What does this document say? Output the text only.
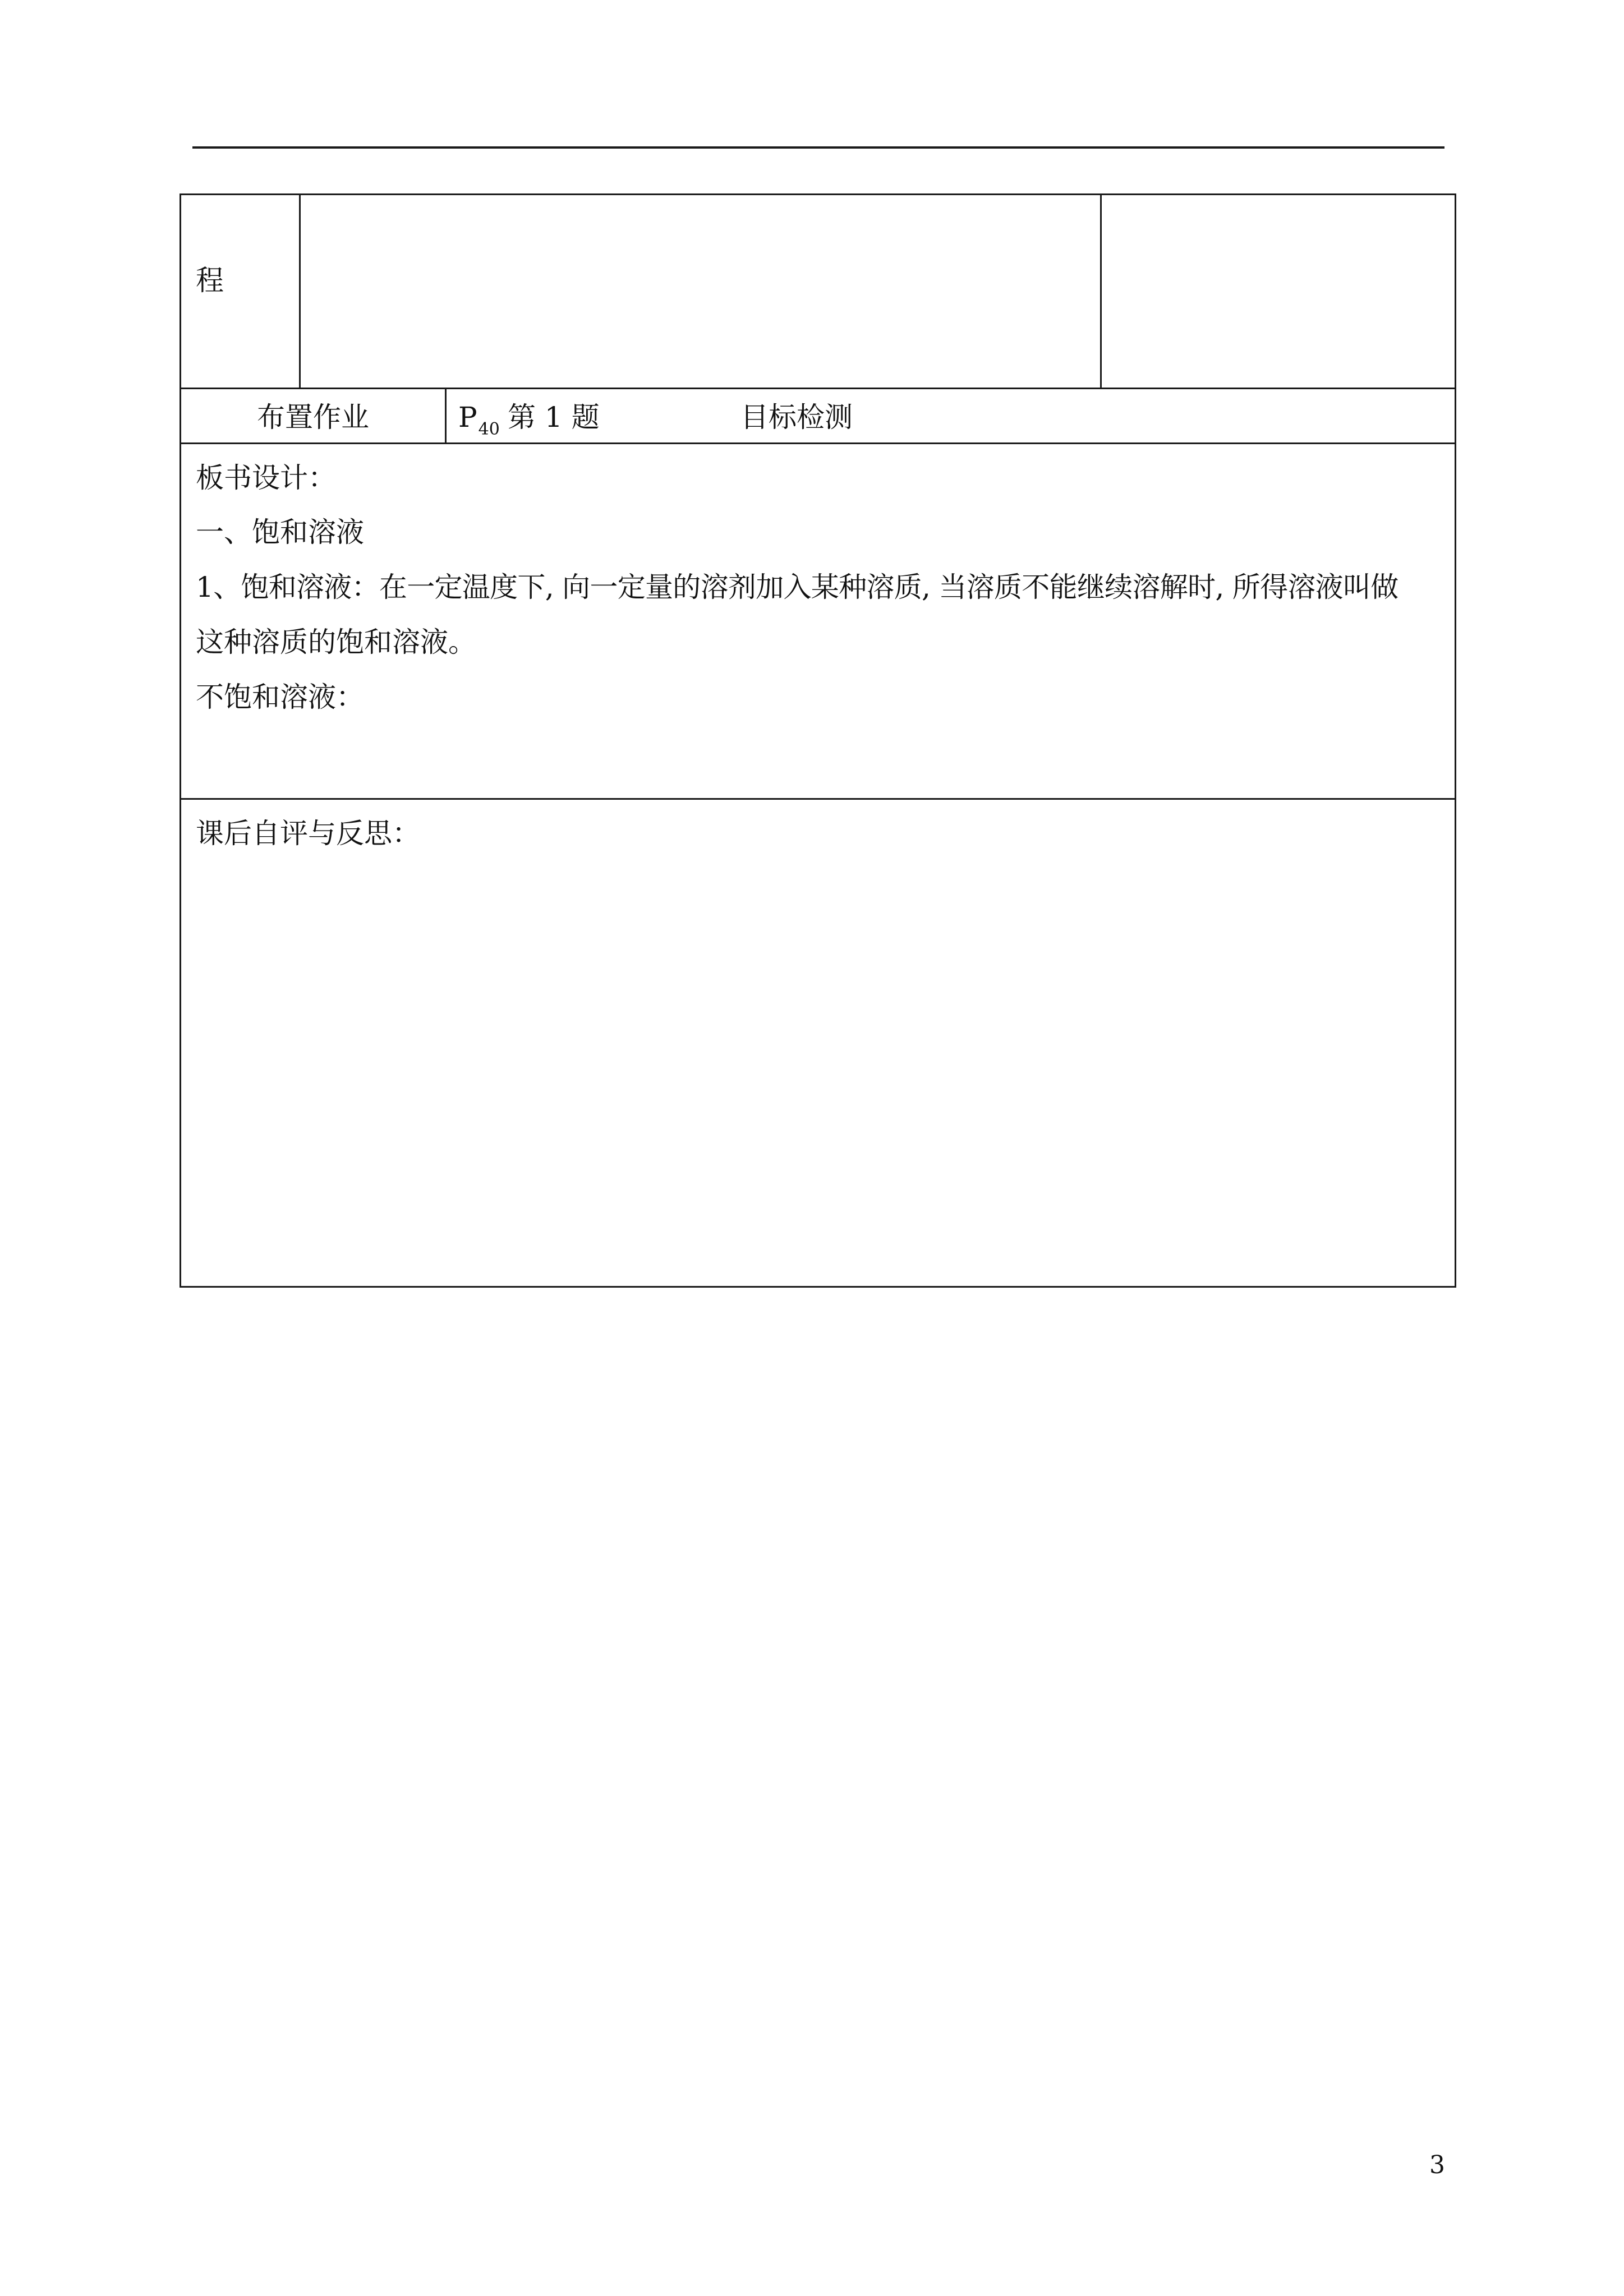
程
布置作业	$P_{40}$ 第 1 题	目标检测
板书设计：
一、饱和溶液
1、饱和溶液：在一定温度下, 向一定量的溶剂加入某种溶质, 当溶质不能继续溶解时, 所得溶液叫做
这种溶质的饱和溶液。
不饱和溶液：
课后自评与反思：
3
